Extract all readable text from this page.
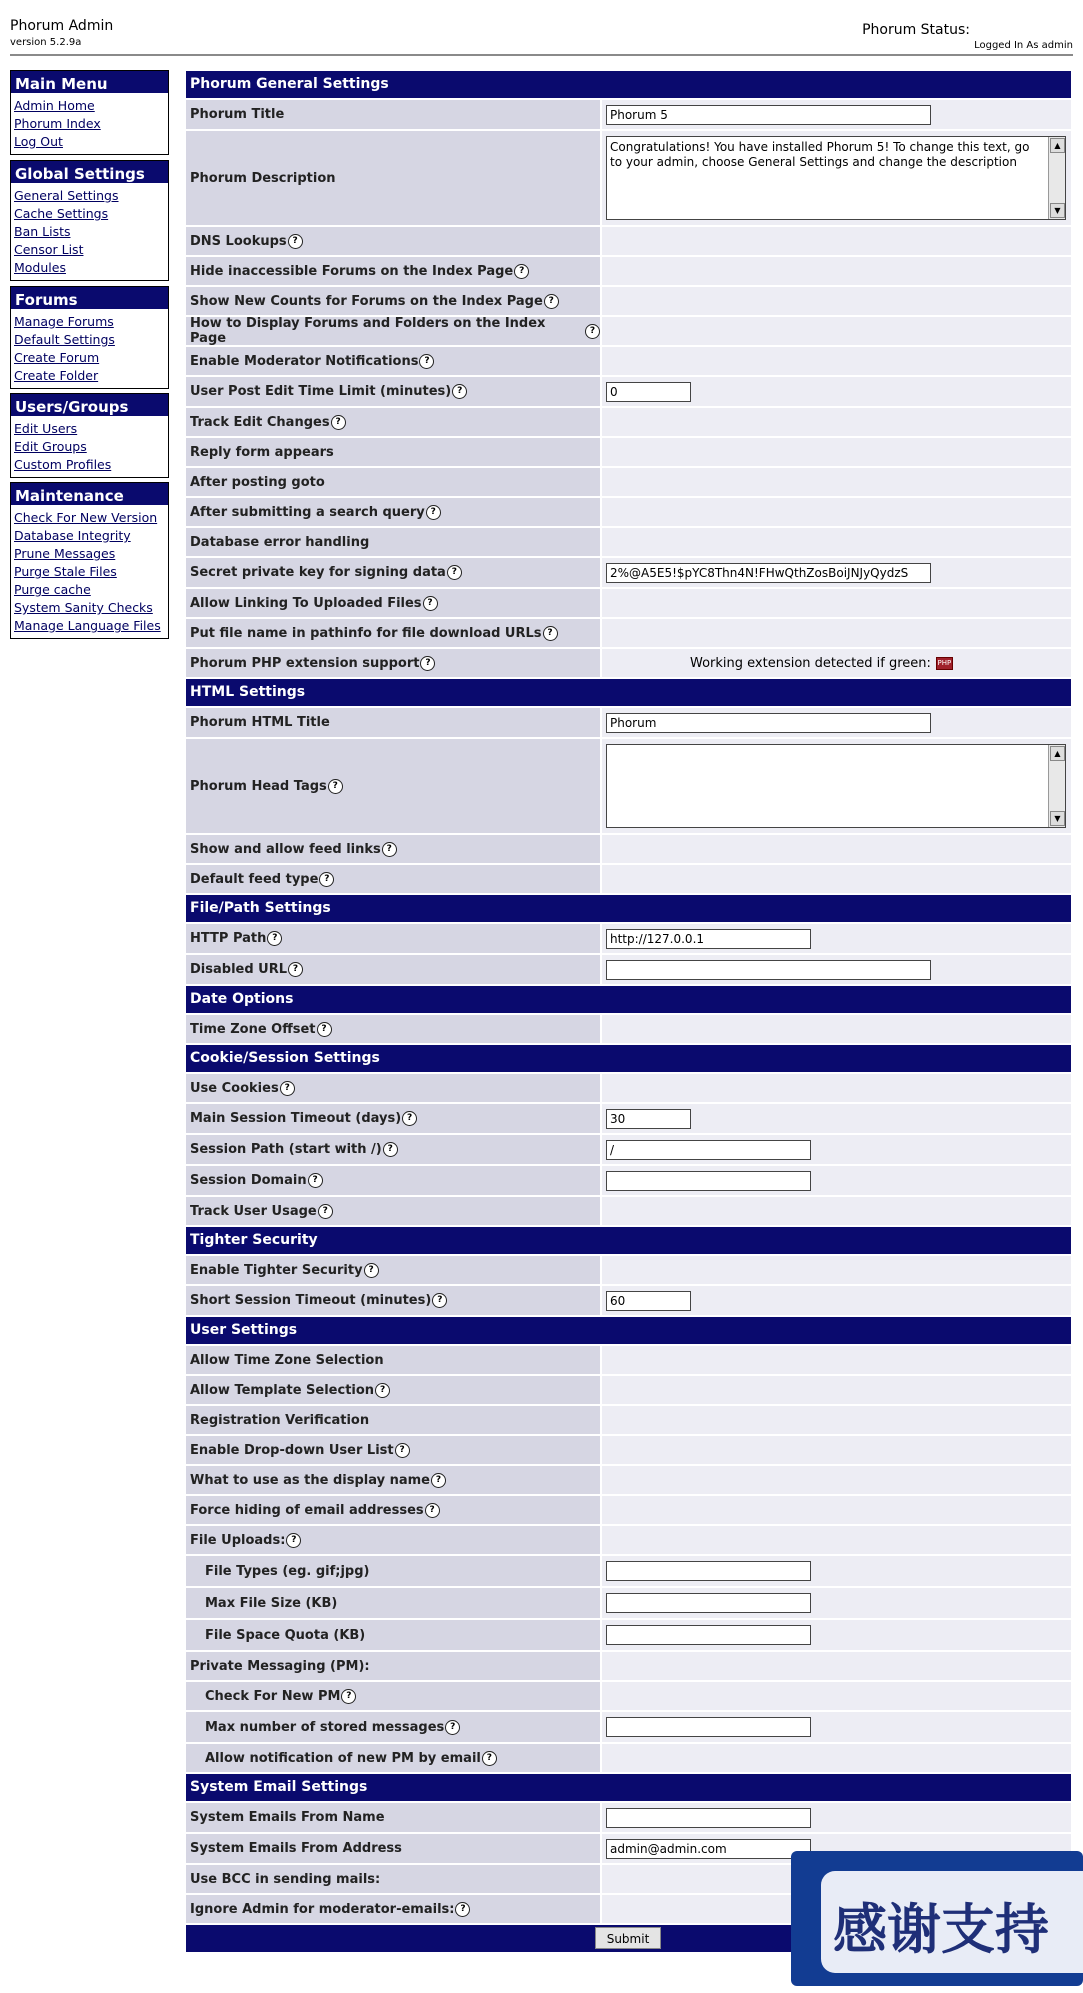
Phorum Admin
version 5.2.9a
Phorum Status:
Logged In As admin
Main Menu
Admin Home
Phorum Index
Log Out
Global Settings
General Settings
Cache Settings
Ban Lists
Censor List
Modules
Forums
Manage Forums
Default Settings
Create Forum
Create Folder
Users/Groups
Edit Users
Edit Groups
Custom Profiles
Maintenance
Check For New Version
Database Integrity
Prune Messages
Purge Stale Files
Purge cache
System Sanity Checks
Manage Language Files
Phorum General Settings
Phorum Title
Phorum 5
Phorum Description
Congratulations! You have installed Phorum 5! To change this text, go to your admin, choose General Settings and change the description
▲
▼
DNS Lookups ?
Hide inaccessible Forums on the Index Page ?
Show New Counts for Forums on the Index Page ?
How to Display Forums and Folders on the Index Page
?
Enable Moderator Notifications ?
User Post Edit Time Limit (minutes) ?
0
Track Edit Changes ?
Reply form appears
After posting goto
After submitting a search query ?
Database error handling
Secret private key for signing data ?
2%@A5E5!$pYC8Thn4N!FHwQthZosBoiJNJyQydzS
Allow Linking To Uploaded Files ?
Put file name in pathinfo for file download URLs ?
Phorum PHP extension support ?	Working extension detected if green: PHP
HTML Settings
Phorum HTML Title
Phorum
Phorum Head Tags ?
▲
▼
Show and allow feed links ?
Default feed type ?
File/Path Settings
HTTP Path ?
http://127.0.0.1
Disabled URL ?
Date Options
Time Zone Offset ?
Cookie/Session Settings
Use Cookies ?
Main Session Timeout (days) ?
30
Session Path (start with /) ?
/
Session Domain ?
Track User Usage ?
Tighter Security
Enable Tighter Security ?
Short Session Timeout (minutes) ?
60
User Settings
Allow Time Zone Selection
Allow Template Selection ?
Registration Verification
Enable Drop-down User List ?
What to use as the display name ?
Force hiding of email addresses ?
File Uploads: ?
File Types (eg. gif;jpg)
Max File Size (KB)
File Space Quota (KB)
Private Messaging (PM):
Check For New PM ?
Max number of stored messages ?
Allow notification of new PM by email ?
System Email Settings
System Emails From Name
System Emails From Address
admin@admin.com
Use BCC in sending mails:
Ignore Admin for moderator-emails: ?
Submit	感谢支持
